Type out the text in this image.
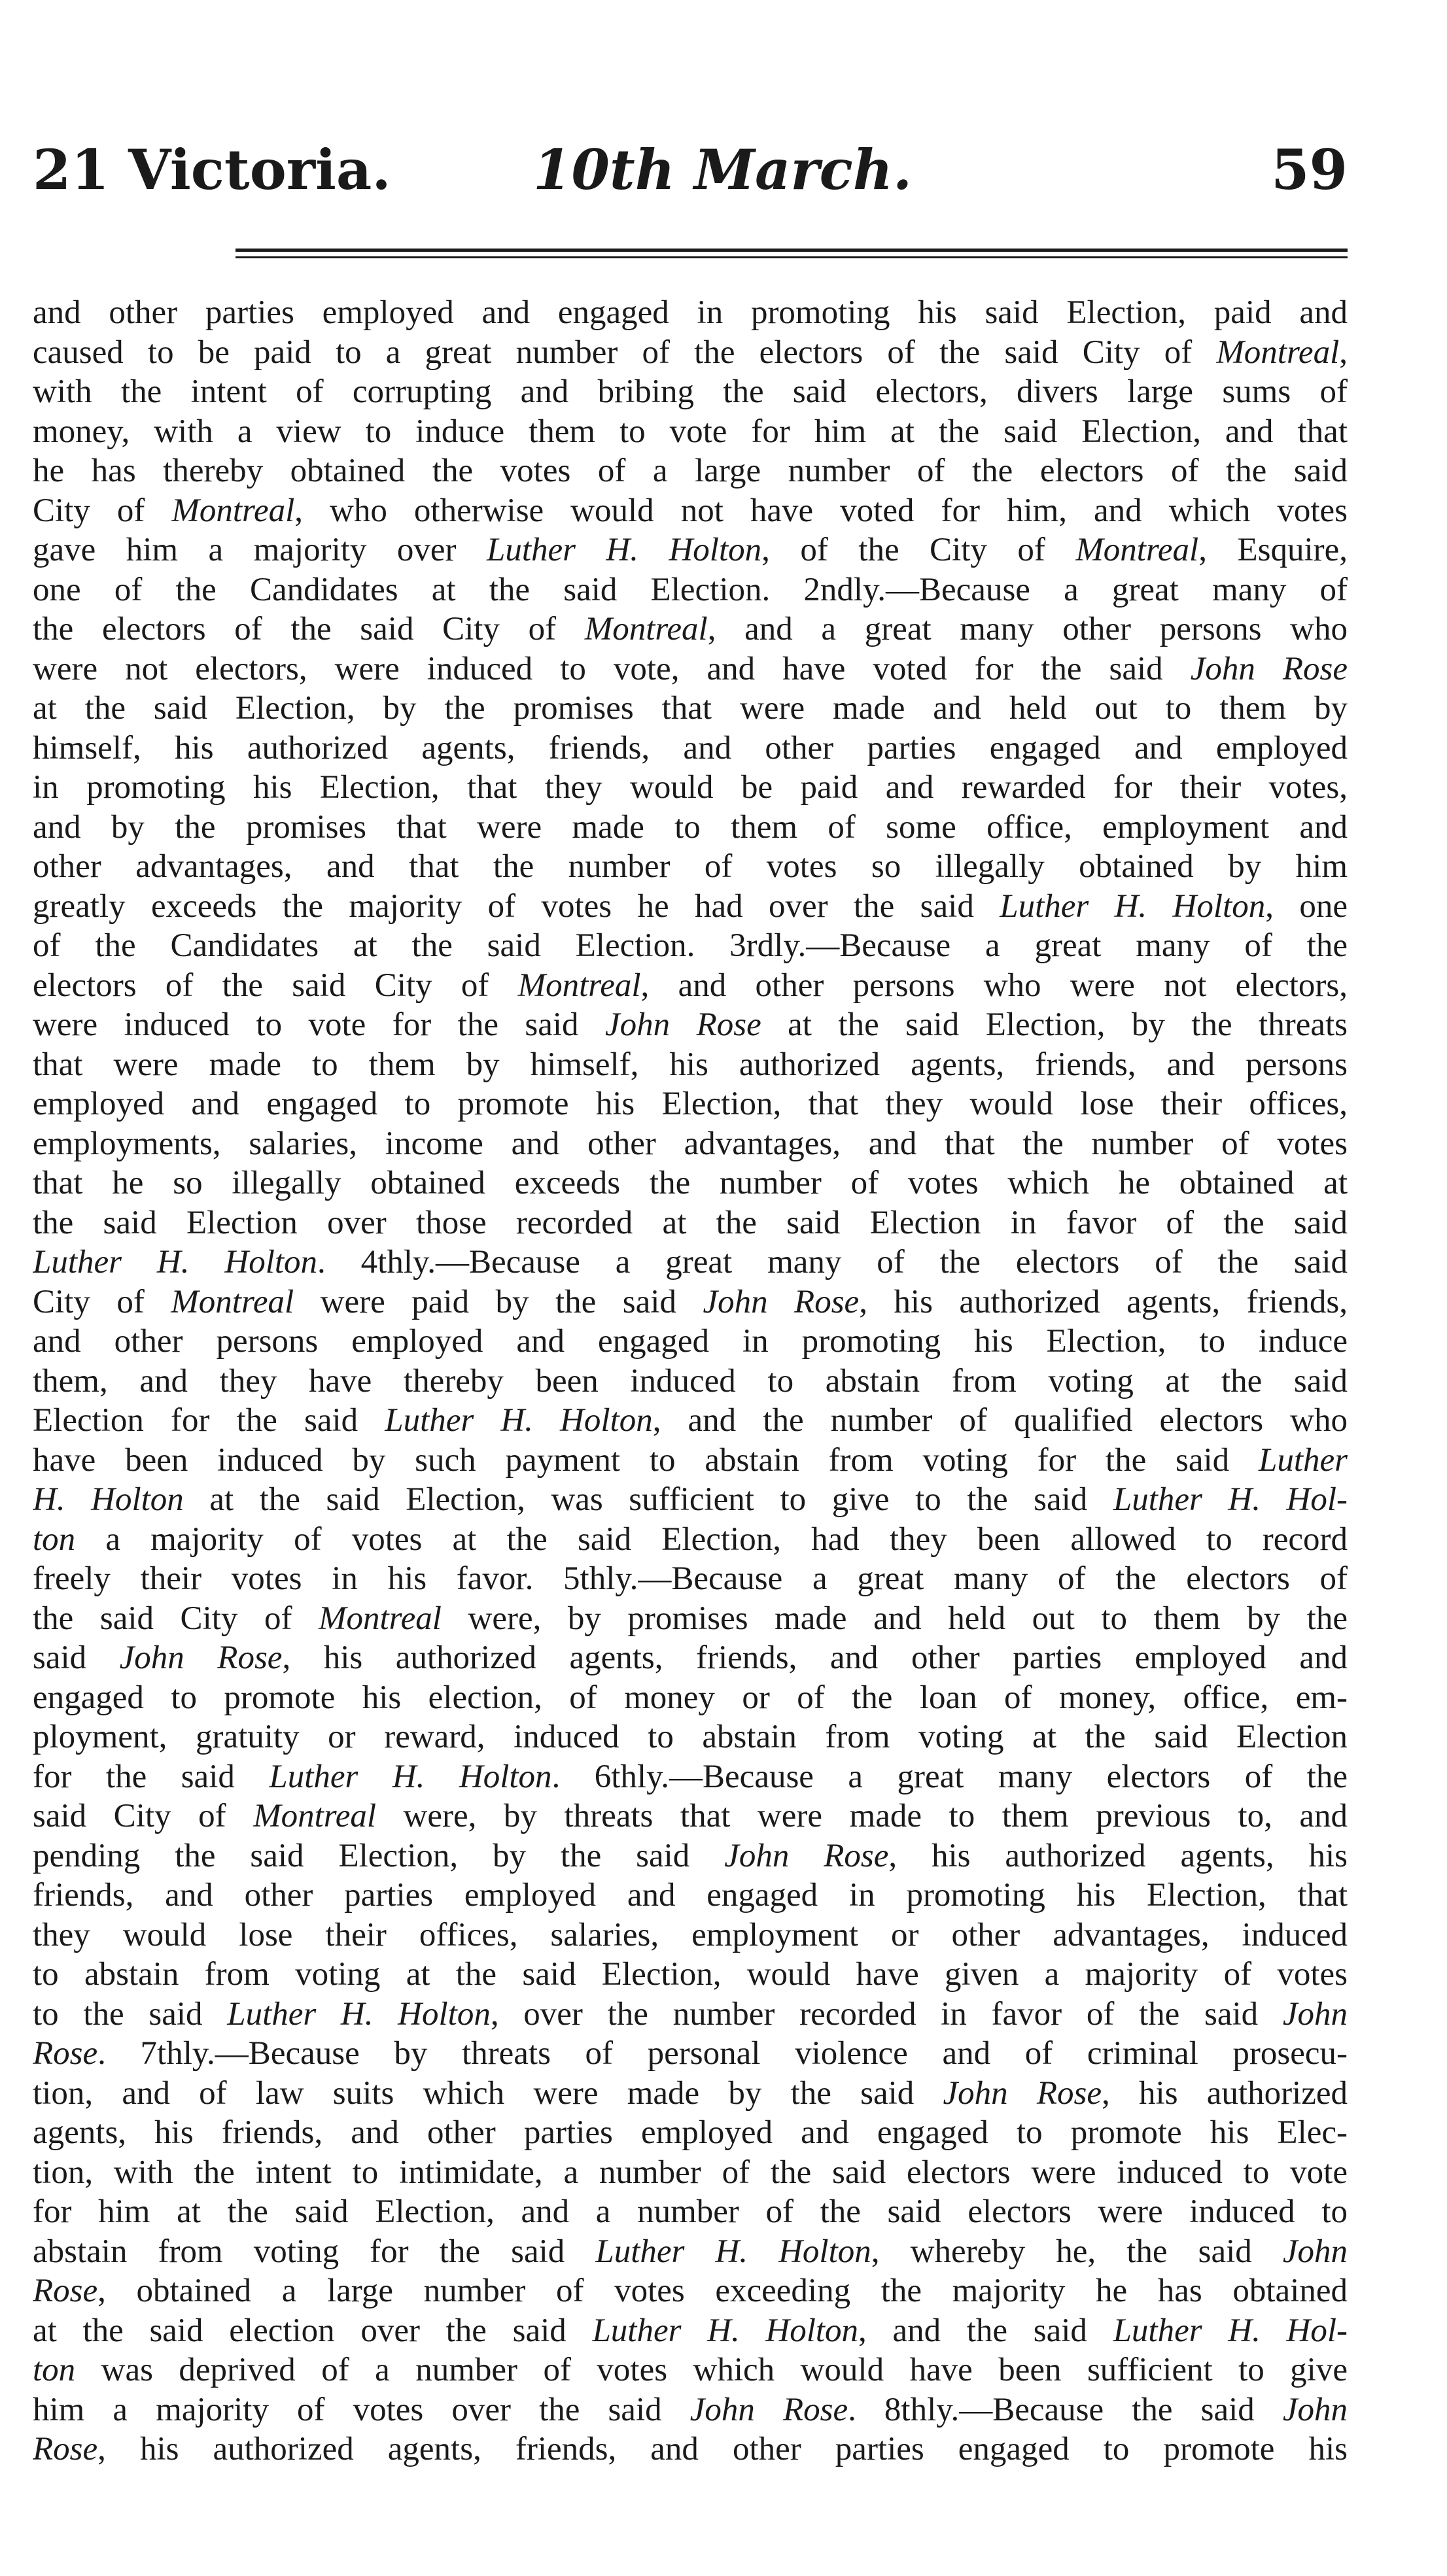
21 Victoria.	10th March.	59
and other parties employed and engaged in promoting his said Election, paid and
caused to be paid to a great number of the electors of the said City of Montreal,
with the intent of corrupting and bribing the said electors, divers large sums of
money, with a view to induce them to vote for him at the said Election, and that
he has thereby obtained the votes of a large number of the electors of the said
City of Montreal, who otherwise would not have voted for him, and which votes
gave him a majority over Luther H. Holton, of the City of Montreal, Esquire,
one of the Candidates at the said Election. 2ndly.—Because a great many of
the electors of the said City of Montreal, and a great many other persons who
were not electors, were induced to vote, and have voted for the said John Rose
at the said Election, by the promises that were made and held out to them by
himself, his authorized agents, friends, and other parties engaged and employed
in promoting his Election, that they would be paid and rewarded for their votes,
and by the promises that were made to them of some office, employment and
other advantages, and that the number of votes so illegally obtained by him
greatly exceeds the majority of votes he had over the said Luther H. Holton, one
of the Candidates at the said Election. 3rdly.—Because a great many of the
electors of the said City of Montreal, and other persons who were not electors,
were induced to vote for the said John Rose at the said Election, by the threats
that were made to them by himself, his authorized agents, friends, and persons
employed and engaged to promote his Election, that they would lose their offices,
employments, salaries, income and other advantages, and that the number of votes
that he so illegally obtained exceeds the number of votes which he obtained at
the said Election over those recorded at the said Election in favor of the said
Luther H. Holton. 4thly.—Because a great many of the electors of the said
City of Montreal were paid by the said John Rose, his authorized agents, friends,
and other persons employed and engaged in promoting his Election, to induce
them, and they have thereby been induced to abstain from voting at the said
Election for the said Luther H. Holton, and the number of qualified electors who
have been induced by such payment to abstain from voting for the said Luther
H. Holton at the said Election, was sufficient to give to the said Luther H. Hol-
ton a majority of votes at the said Election, had they been allowed to record
freely their votes in his favor. 5thly.—Because a great many of the electors of
the said City of Montreal were, by promises made and held out to them by the
said John Rose, his authorized agents, friends, and other parties employed and
engaged to promote his election, of money or of the loan of money, office, em-
ployment, gratuity or reward, induced to abstain from voting at the said Election
for the said Luther H. Holton. 6thly.—Because a great many electors of the
said City of Montreal were, by threats that were made to them previous to, and
pending the said Election, by the said John Rose, his authorized agents, his
friends, and other parties employed and engaged in promoting his Election, that
they would lose their offices, salaries, employment or other advantages, induced
to abstain from voting at the said Election, would have given a majority of votes
to the said Luther H. Holton, over the number recorded in favor of the said John
Rose. 7thly.—Because by threats of personal violence and of criminal prosecu-
tion, and of law suits which were made by the said John Rose, his authorized
agents, his friends, and other parties employed and engaged to promote his Elec-
tion, with the intent to intimidate, a number of the said electors were induced to vote
for him at the said Election, and a number of the said electors were induced to
abstain from voting for the said Luther H. Holton, whereby he, the said John
Rose, obtained a large number of votes exceeding the majority he has obtained
at the said election over the said Luther H. Holton, and the said Luther H. Hol-
ton was deprived of a number of votes which would have been sufficient to give
him a majority of votes over the said John Rose. 8thly.—Because the said John
Rose, his authorized agents, friends, and other parties engaged to promote his
